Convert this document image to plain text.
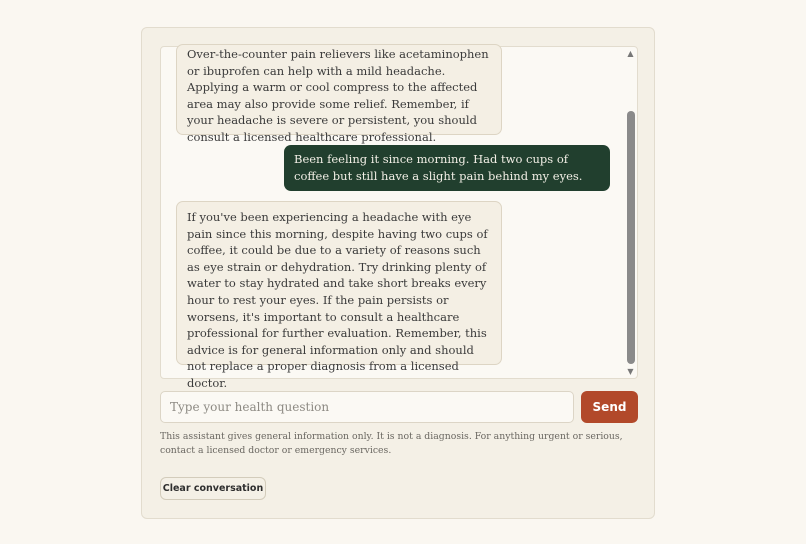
Over-the-counter pain relievers like acetaminophen or ibuprofen can help with a mild headache. Applying a warm or cool compress to the affected area may also provide some relief. Remember, if your headache is severe or persistent, you should consult a licensed healthcare professional.

Been feeling it since morning. Had two cups of coffee but still have a slight pain behind my eyes.

If you've been experiencing a headache with eye pain since this morning, despite having two cups of coffee, it could be due to a variety of reasons such as eye strain or dehydration. Try drinking plenty of water to stay hydrated and take short breaks every hour to rest your eyes. If the pain persists or worsens, it's important to consult a healthcare professional for further evaluation. Remember, this advice is for general information only and should not replace a proper diagnosis from a licensed doctor.

▲
▼
Type your health question
Send
This assistant gives general information only. It is not a diagnosis. For anything urgent or serious, contact a licensed doctor or emergency services.
Clear conversation
